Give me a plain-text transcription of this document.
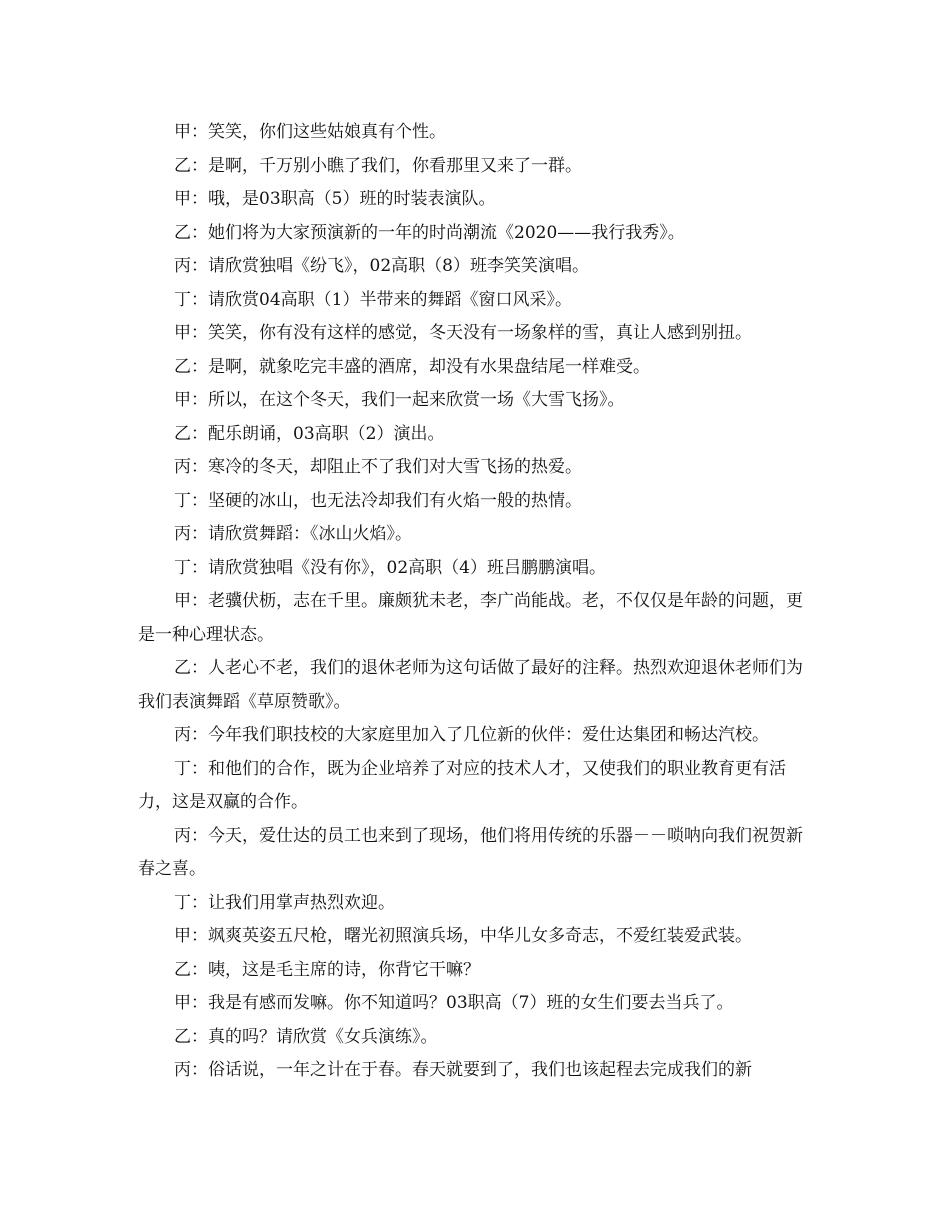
甲：笑笑，你们这些姑娘真有个性。

乙：是啊，千万别小瞧了我们，你看那里又来了一群。

甲：哦，是03职高（5）班的时装表演队。

乙：她们将为大家预演新的一年的时尚潮流《2020——我行我秀》。

丙：请欣赏独唱《纷飞》，02高职（8）班李笑笑演唱。

丁：请欣赏04高职（1）半带来的舞蹈《窗口风采》。

甲：笑笑，你有没有这样的感觉，冬天没有一场象样的雪，真让人感到别扭。

乙：是啊，就象吃完丰盛的酒席，却没有水果盘结尾一样难受。

甲：所以，在这个冬天，我们一起来欣赏一场《大雪飞扬》。

乙：配乐朗诵，03高职（2）演出。

丙：寒冷的冬天，却阻止不了我们对大雪飞扬的热爱。

丁：坚硬的冰山，也无法冷却我们有火焰一般的热情。

丙：请欣赏舞蹈：《冰山火焰》。

丁：请欣赏独唱《没有你》，02高职（4）班吕鹏鹏演唱。

甲：老骥伏枥，志在千里。廉颇犹未老，李广尚能战。老，不仅仅是年龄的问题，更是一种心理状态。

乙：人老心不老，我们的退休老师为这句话做了最好的注释。热烈欢迎退休老师们为我们表演舞蹈《草原赞歌》。

丙：今年我们职技校的大家庭里加入了几位新的伙伴：爱仕达集团和畅达汽校。

丁：和他们的合作，既为企业培养了对应的技术人才，又使我们的职业教育更有活力，这是双赢的合作。

丙：今天，爱仕达的员工也来到了现场，他们将用传统的乐器－－唢呐向我们祝贺新春之喜。

丁：让我们用掌声热烈欢迎。

甲：飒爽英姿五尺枪，曙光初照演兵场，中华儿女多奇志，不爱红装爱武装。

乙：咦，这是毛主席的诗，你背它干嘛？

甲：我是有感而发嘛。你不知道吗？03职高（7）班的女生们要去当兵了。

乙：真的吗？请欣赏《女兵演练》。

丙：俗话说，一年之计在于春。春天就要到了，我们也该起程去完成我们的新
